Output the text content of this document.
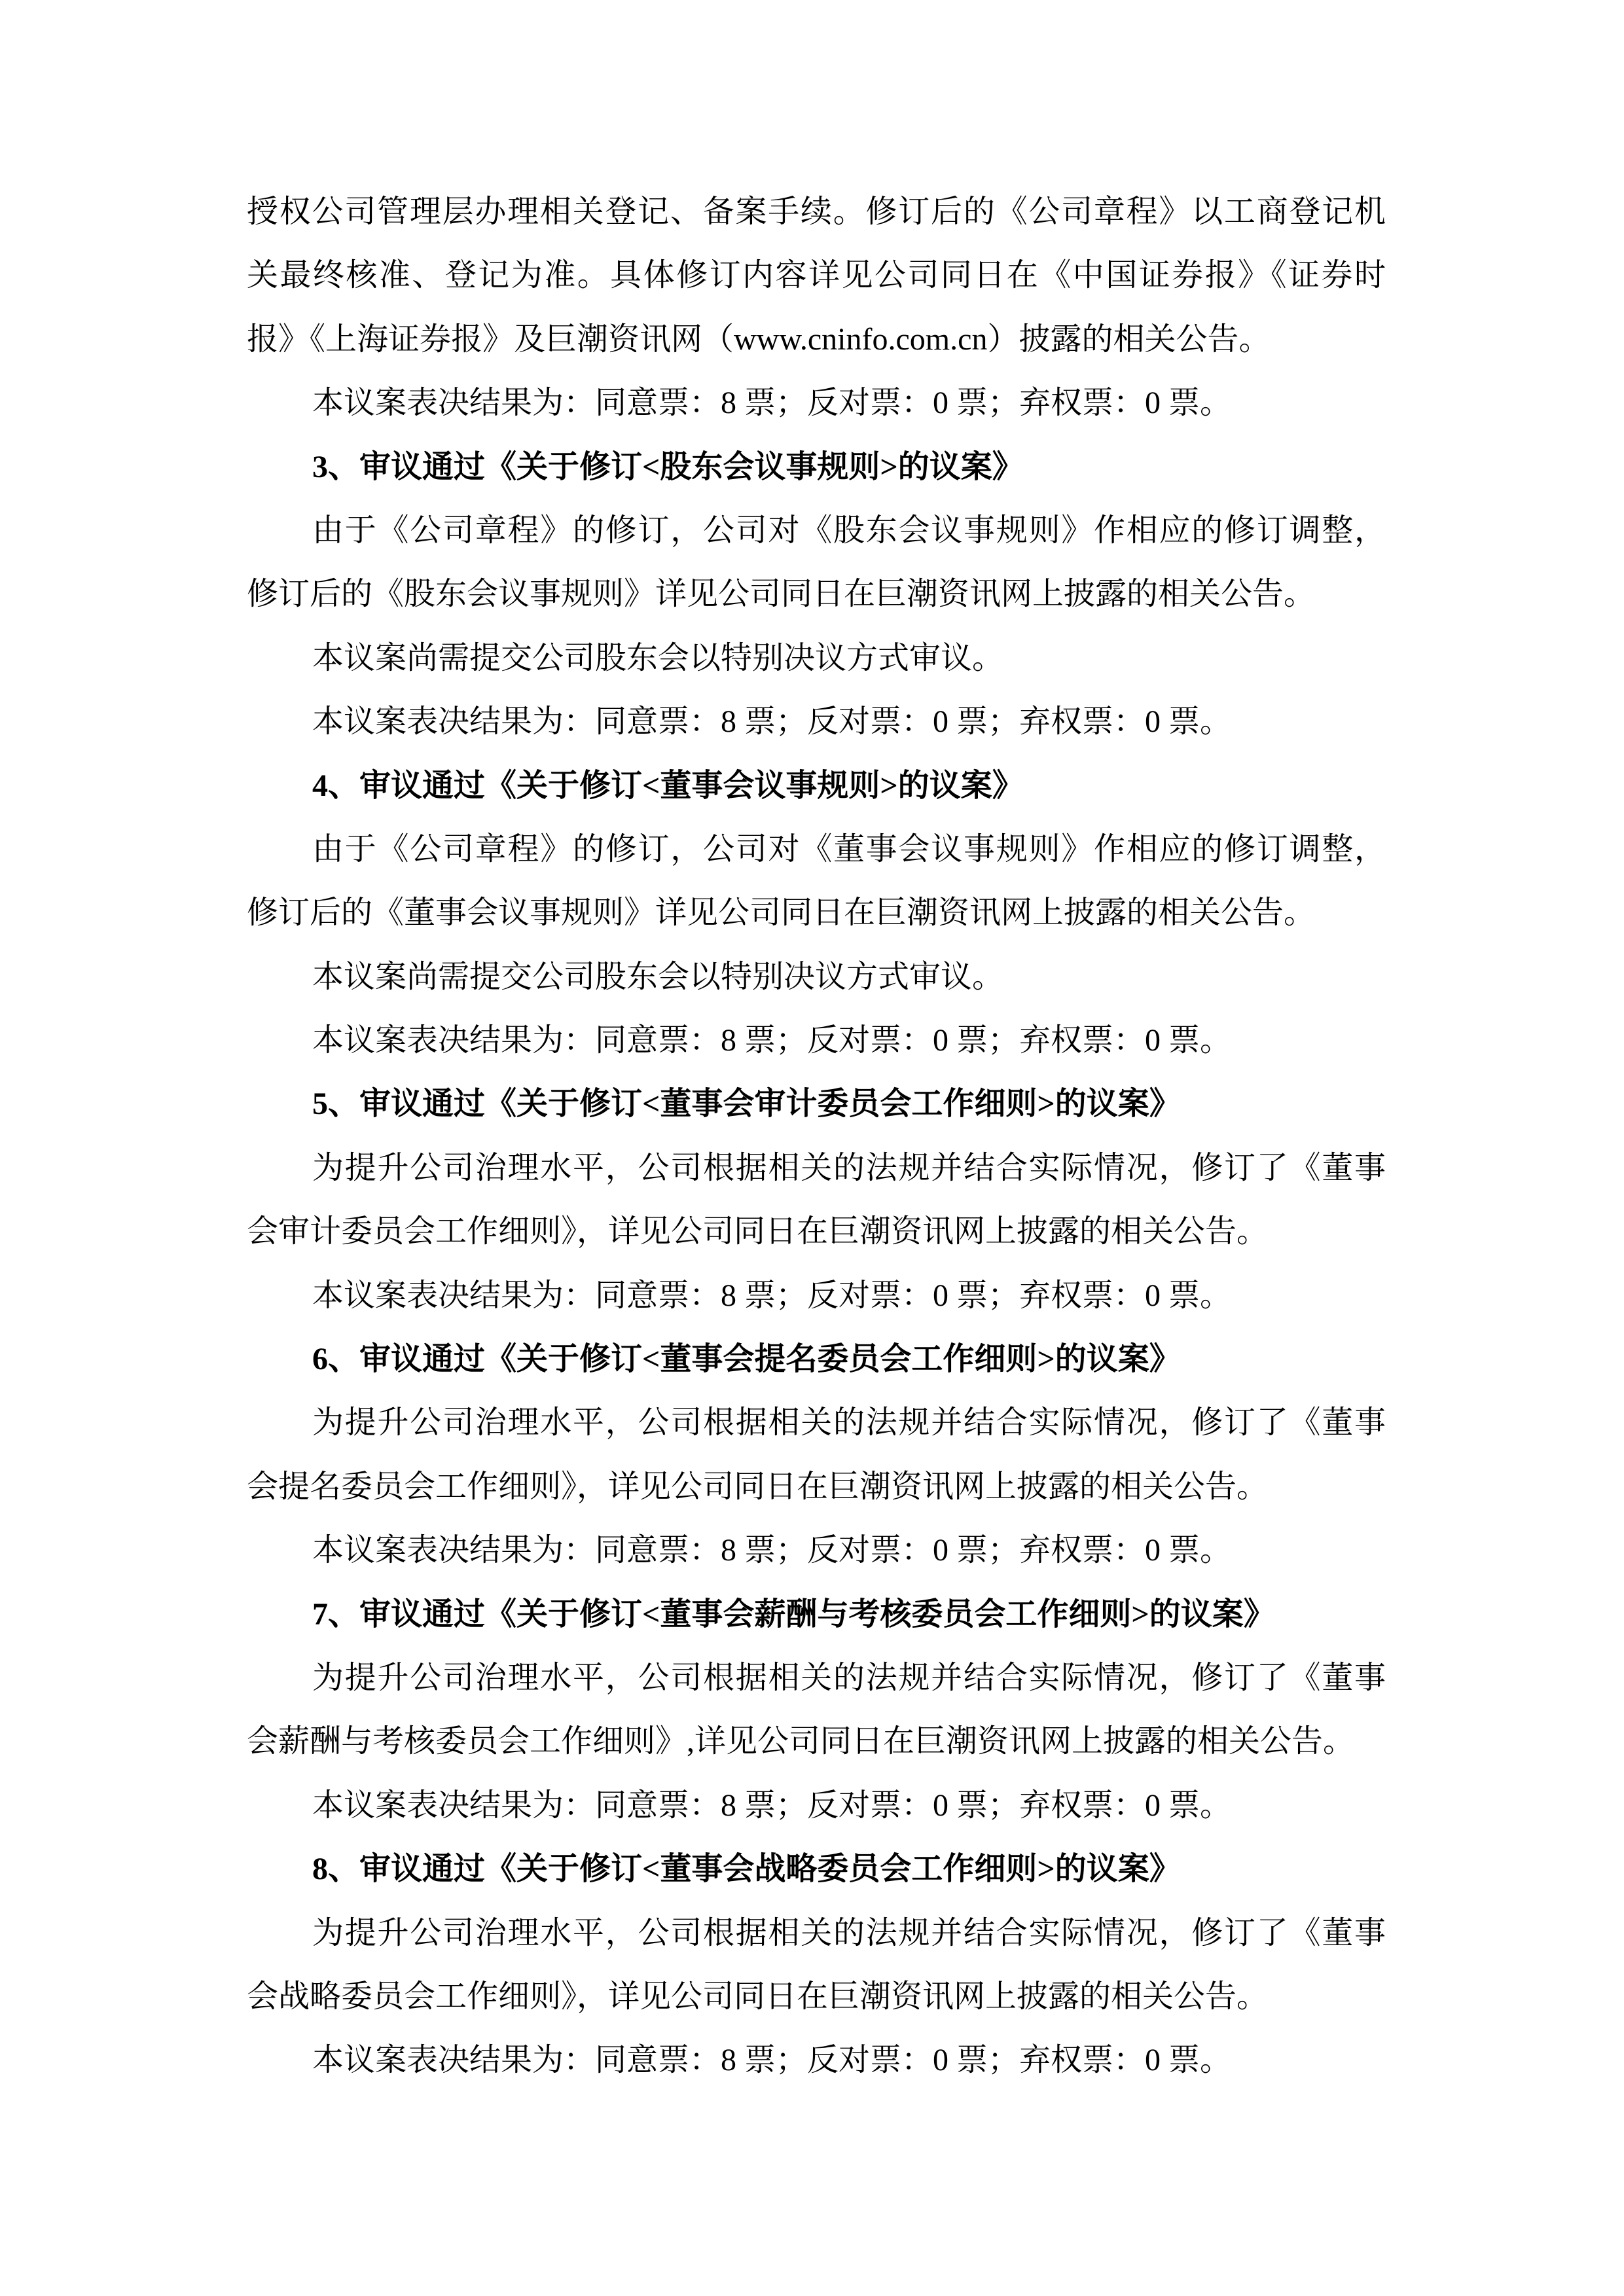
授权公司管理层办理相关登记、备案手续。修订后的《公司章程》以工商登记机
关最终核准、登记为准。具体修订内容详见公司同日在《中国证券报》《证券时
报》《上海证券报》及巨潮资讯网（www.cninfo.com.cn）披露的相关公告。
本议案表决结果为：同意票：8 票；反对票：0 票；弃权票：0 票。
3、审议通过《关于修订<股东会议事规则>的议案》
由于《公司章程》的修订，公司对《股东会议事规则》作相应的修订调整，
修订后的《股东会议事规则》详见公司同日在巨潮资讯网上披露的相关公告。
本议案尚需提交公司股东会以特别决议方式审议。
本议案表决结果为：同意票：8 票；反对票：0 票；弃权票：0 票。
4、审议通过《关于修订<董事会议事规则>的议案》
由于《公司章程》的修订，公司对《董事会议事规则》作相应的修订调整，
修订后的《董事会议事规则》详见公司同日在巨潮资讯网上披露的相关公告。
本议案尚需提交公司股东会以特别决议方式审议。
本议案表决结果为：同意票：8 票；反对票：0 票；弃权票：0 票。
5、审议通过《关于修订<董事会审计委员会工作细则>的议案》
为提升公司治理水平，公司根据相关的法规并结合实际情况，修订了《董事
会审计委员会工作细则》，详见公司同日在巨潮资讯网上披露的相关公告。
本议案表决结果为：同意票：8 票；反对票：0 票；弃权票：0 票。
6、审议通过《关于修订<董事会提名委员会工作细则>的议案》
为提升公司治理水平，公司根据相关的法规并结合实际情况，修订了《董事
会提名委员会工作细则》，详见公司同日在巨潮资讯网上披露的相关公告。
本议案表决结果为：同意票：8 票；反对票：0 票；弃权票：0 票。
7、审议通过《关于修订<董事会薪酬与考核委员会工作细则>的议案》
为提升公司治理水平，公司根据相关的法规并结合实际情况，修订了《董事
会薪酬与考核委员会工作细则》,详见公司同日在巨潮资讯网上披露的相关公告。
本议案表决结果为：同意票：8 票；反对票：0 票；弃权票：0 票。
8、审议通过《关于修订<董事会战略委员会工作细则>的议案》
为提升公司治理水平，公司根据相关的法规并结合实际情况，修订了《董事
会战略委员会工作细则》，详见公司同日在巨潮资讯网上披露的相关公告。
本议案表决结果为：同意票：8 票；反对票：0 票；弃权票：0 票。
